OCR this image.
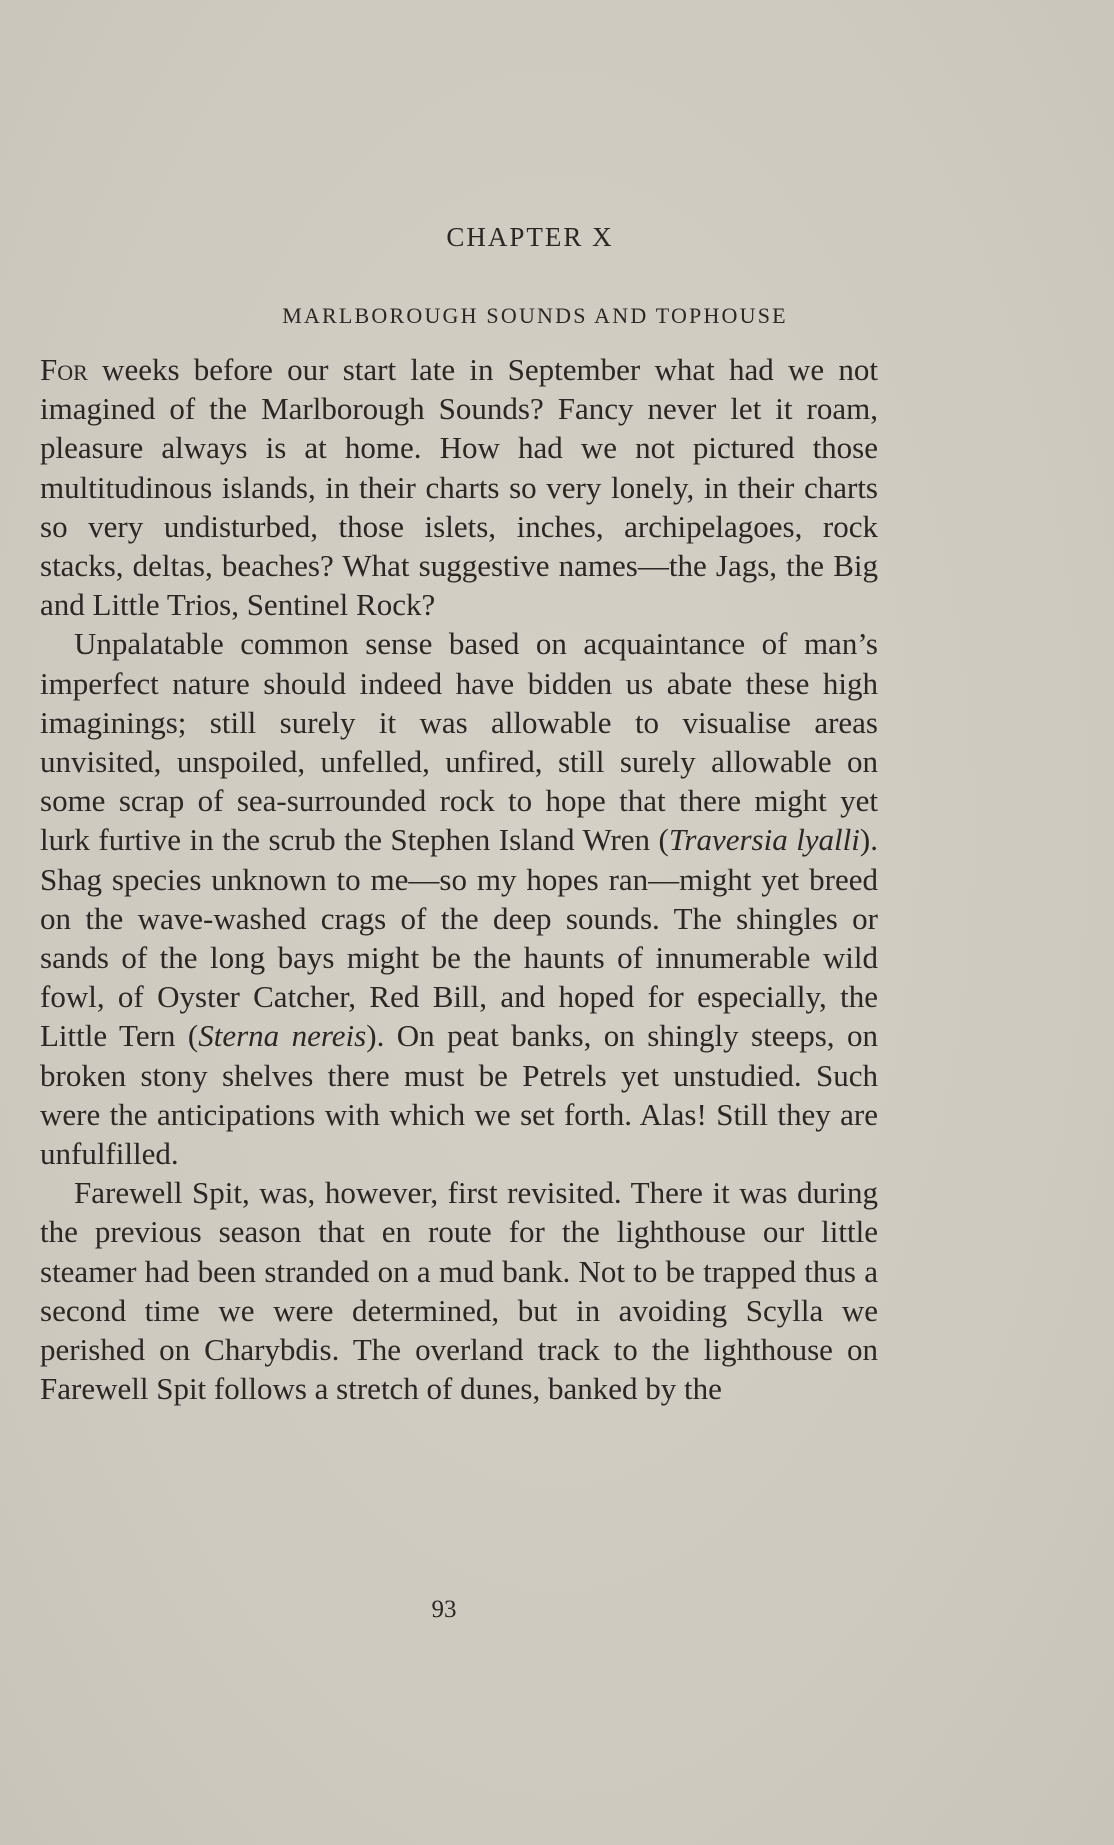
CHAPTER X
MARLBOROUGH SOUNDS AND TOPHOUSE

For weeks before our start late in September what had we not imagined of the Marlborough Sounds? Fancy never let it roam, pleasure always is at home. How had we not pictured those multitudinous islands, in their charts so very lonely, in their charts so very undisturbed, those islets, inches, archipelagoes, rock stacks, deltas, beaches? What suggestive names—the Jags, the Big and Little Trios, Sentinel Rock?

Unpalatable common sense based on acquaintance of man’s imperfect nature should indeed have bidden us abate these high imaginings; still surely it was allowable to visualise areas unvisited, unspoiled, unfelled, unfired, still surely allowable on some scrap of sea-surrounded rock to hope that there might yet lurk furtive in the scrub the Stephen Island Wren (Traversia lyalli). Shag species unknown to me—so my hopes ran—might yet breed on the wave-washed crags of the deep sounds. The shingles or sands of the long bays might be the haunts of innumerable wild fowl, of Oyster Catcher, Red Bill, and hoped for especially, the Little Tern (Sterna nereis). On peat banks, on shingly steeps, on broken stony shelves there must be Petrels yet unstudied. Such were the anticipations with which we set forth. Alas! Still they are unfulfilled.

Farewell Spit, was, however, first revisited. There it was during the previous season that en route for the lighthouse our little steamer had been stranded on a mud bank. Not to be trapped thus a second time we were determined, but in avoiding Scylla we perished on Charybdis. The overland track to the lighthouse on Farewell Spit follows a stretch of dunes, banked by the

93
